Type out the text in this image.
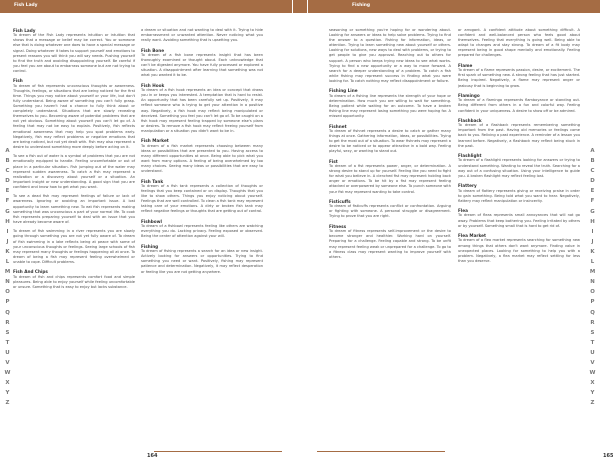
Fish Lady
Fish Lady
To dream of the Fish Lady represents intuition or intuition that shows that a message or belief may be correct. You or someone else that is doing whatever one does to have a special message or signal. Doing whatever it takes to support yourself and emotions to present reasons you will think you will say needs. Pushing yourself to find the truth and avoiding disappointing yourself. Be careful if you feel you are about to embarrass someone but are not trying to control.
Fish
To dream of fish represents unconscious thoughts or awareness. Thoughts, feelings, or situations that are being noticed for the first time. Things you may notice about yourself or your life, but don't fully understand. Being aware of something you can't fully grasp. Something you haven't had a chance to fully think about or completely understand. Situations that are slowly revealing themselves to you. Becoming aware of potential problems that are not yet obvious. Something about yourself you can't let go of. A feeling that may not be easy to explain. Positively, fish reflects emotional awareness that may help you spot problems early. Negatively, fish may reflect problems or negative emotions that are being noticed, but not yet dealt with. Fish may also represent a desire to understand something more deeply before acting on it.
To see a fish out of water is a symbol of problems that you are not emotionally equipped to handle. Feeling uncomfortable or out of place in a particular situation. Fish jumping out of the water may represent sudden awareness. To catch a fish may represent a realization or a discovery about yourself or a situation. An important insight or new understanding. A good sign that you are confident and know how to get what you want.
To see a dead fish may represent feelings of failure or lack of awareness. Ignoring or avoiding an important issue. A lost opportunity to learn something new. To eat fish represents making something that was unconscious a part of your normal life. To cook fish represents preparing yourself to deal with an issue that you have already become aware of.
To dream of fish swimming in a river represents you are slowly going through something you are not yet fully aware of. To dream of fish swimming in a lake reflects being at peace with some of your unconscious thoughts or feelings. Seeing large schools of fish may represent many thoughts or feelings happening all at once. To dream of being a fish may represent feeling overwhelmed or unable to cope. Difficult problems.
Fish And Chips
To dream of fish and chips represents comfort food and simple pleasures. Being able to enjoy yourself while feeling uncomfortable or unsure. Something that is easy to enjoy but lacks substance.
a dream or situation and not wanting to deal with it. Trying to hide embarrassment or unwanted attention. Never noticing what you really want. Avoiding something that is upsetting you.
Fish Bone
To dream of a fish bone represents insight that has been thoroughly examined or thought about. Each unknowledge that can't be digested anymore. You have fully processed or explored a situation. A disappointment after learning that something was not what you wanted it to be.
Fish Hook
To dream of a fish hook represents an idea or concept that draws you in or keeps you interested. A temptation that is hard to resist. An opportunity that has been carefully set up. Positively, it may reflect someone who is trying to get your attention in a positive way. Negatively, a fish hook may reflect being manipulated or deceived. Something you feel you can't let go of. To be caught on a fish hook may represent feeling trapped by someone else's plans or desires. To remove a fish hook may reflect freeing yourself from manipulation or a situation you didn't want to be in.
Fish Market
To dream of a fish market represents choosing between many ideas or possibilities that are presented to you. Having access to many different opportunities at once. Being able to pick what you want from many options. A feeling of being overwhelmed by too many choices. Seeing many ideas or possibilities that are easy to understand.
Fish Tank
To dream of a fish tank represents a collection of thoughts or feelings that you keep contained or on display. Thoughts that you like to show others. Things you enjoy noticing about yourself. Feelings that are well controlled. To clean a fish tank may represent taking care of your emotions. A dirty or broken fish tank may reflect negative feelings or thoughts that are getting out of control.
Fishbowl
To dream of a fishbowl represents feeling like others are watching everything you do. Lacking privacy. Feeling exposed or observed. Being the center of attention against your will.
Fishing
To dream of fishing represents a search for an idea or new insight. Actively looking for answers or opportunities. Trying to find something you need or want. Positively, fishing may represent patience and determination. Negatively, it may reflect desperation or feeling like you are not getting anywhere.
A
B
C
D
E
F
G
H
I
J
K
L
M
N
O
P
Q
R
S
T
U
V
W
X
Y
Z
164
Fishing
seasoning or something you're hoping for or wondering about. Looking for answers or ideas to help solve problems. Trying to find the answer to a question. Fishing for information, ideas, or attention. Trying to learn something new about yourself or others. Looking for solutions, new ways to deal with problems, or trying to get people to give you approval. Reaching out to others for support. A person who keeps trying new ideas to see what works. Trying to find a new opportunity or a way to move forward. A search for a deeper understanding of a problem. To catch a fish while fishing may represent success in finding what you were looking for. To catch nothing may reflect disappointment or failure.
Fishing Line
To dream of a fishing line represents the strength of your hope or determination. How much you are willing to wait for something. Being patient while waiting for an outcome. To have a broken fishing line may represent losing something you were hoping for. A missed opportunity.
Fishnet
To dream of fishnet represents a desire to catch or gather many things at once. Gathering information, ideas, or possibilities. Trying to get the most out of a situation. To wear fishnets may represent a desire to be noticed or to appear attractive in a bold way. Feeling playful, sexy, or wanting to stand out.
Fist
To dream of a fist represents power, anger, or determination. A strong desire to stand up for yourself. Feeling like you need to fight for what you believe in. A clenched fist may represent holding back anger or emotions. To be hit by a fist may represent feeling attacked or overpowered by someone else. To punch someone with your fist may represent wanting to take control.
Fisticuffs
To dream of fisticuffs represents conflict or confrontation. Arguing or fighting with someone. A personal struggle or disagreement. Trying to prove that you are right.
Fitness
To dream of fitness represents self-improvement or the desire to become stronger and healthier. Working hard on yourself. Preparing for a challenge. Feeling capable and strong. To be unfit may represent feeling weak or unprepared for a challenge. To go to a fitness class may represent wanting to improve yourself with others.
or arrogant. A confident attitude about something difficult. A confident and well-balanced person who feels good about themselves. Feeling that everything is going well. Being able to adapt to changes and stay strong. To dream of a fit body may represent being in good shape mentally and emotionally. Feeling prepared for challenges.
Flame
To dream of a flame represents passion, desire, or excitement. The first spark of something new. A strong feeling that has just started. Being inspired. Negatively, a flame may represent anger or jealousy that is beginning to grow.
Flamingo
To dream of a flamingo represents flamboyance or standing out. Being different from others in a fun and colorful way. Feeling confident in your uniqueness. A desire to show off or be admired.
Flashback
To dream of a flashback represents remembering something important from the past. Having old memories or feelings come back to you. Reliving a past experience. A reminder of a lesson you learned before. Negatively, a flashback may reflect being stuck in the past.
Flashlight
To dream of a flashlight represents looking for answers or trying to understand something. Wanting to reveal the truth. Searching for a way out of a confusing situation. Using your intelligence to guide you. A broken flashlight may reflect feeling lost.
Flattery
To dream of flattery represents giving or receiving praise in order to gain something. Being told what you want to hear. Negatively, flattery may reflect manipulation or insincerity.
Flea
To dream of fleas represents small annoyances that will not go away. Problems that keep bothering you. Feeling irritated by others or by yourself. Something small that is hard to get rid of.
Flea Market
To dream of a flea market represents searching for something new among things that others don't want anymore. Finding value in unexpected places. Looking for something to help you with a problem. Negatively, a flea market may reflect settling for less than you deserve.
A
B
C
D
E
F
G
H
I
J
K
L
M
N
O
P
Q
R
S
T
U
V
W
X
Y
Z
165
